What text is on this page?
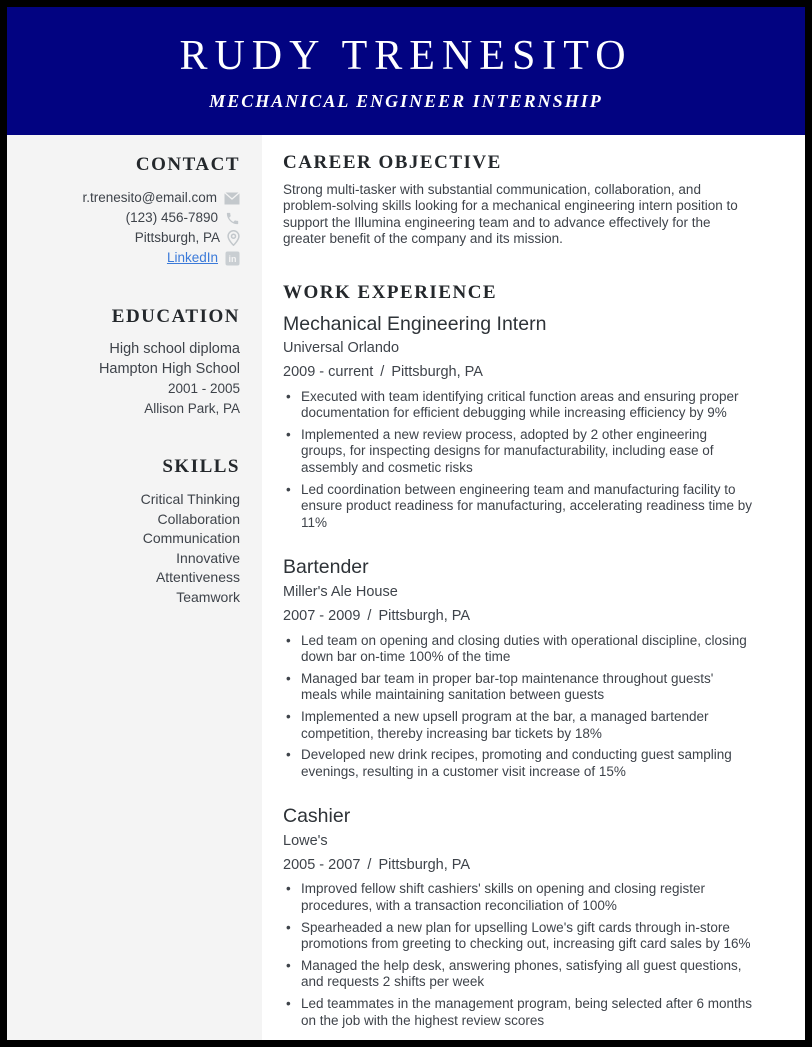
RUDY TRENESITO
MECHANICAL ENGINEER INTERNSHIP
CONTACT
r.trenesito@email.com
(123) 456-7890
Pittsburgh, PA
LinkedIn in
EDUCATION
High school diploma
Hampton High School
2001 - 2005
Allison Park, PA
SKILLS
Critical Thinking
Collaboration
Communication
Innovative
Attentiveness
Teamwork
CAREER OBJECTIVE

Strong multi-tasker with substantial communication, collaboration, and problem-solving skills looking for a mechanical engineering intern position to support the Illumina engineering team and to advance effectively for the greater benefit of the company and its mission.

WORK EXPERIENCE
Mechanical Engineering Intern
Universal Orlando
2009 - current / Pittsburgh, PA
• Executed with team identifying critical function areas and ensuring proper documentation for efficient debugging while increasing efficiency by 9%
• Implemented a new review process, adopted by 2 other engineering groups, for inspecting designs for manufacturability, including ease of assembly and cosmetic risks
• Led coordination between engineering team and manufacturing facility to ensure product readiness for manufacturing, accelerating readiness time by 11%
Bartender
Miller's Ale House
2007 - 2009 / Pittsburgh, PA
• Led team on opening and closing duties with operational discipline, closing down bar on-time 100% of the time
• Managed bar team in proper bar-top maintenance throughout guests' meals while maintaining sanitation between guests
• Implemented a new upsell program at the bar, a managed bartender competition, thereby increasing bar tickets by 18%
• Developed new drink recipes, promoting and conducting guest sampling evenings, resulting in a customer visit increase of 15%
Cashier
Lowe's
2005 - 2007 / Pittsburgh, PA
• Improved fellow shift cashiers' skills on opening and closing register procedures, with a transaction reconciliation of 100%
• Spearheaded a new plan for upselling Lowe's gift cards through in-store promotions from greeting to checking out, increasing gift card sales by 16%
• Managed the help desk, answering phones, satisfying all guest questions, and requests 2 shifts per week
• Led teammates in the management program, being selected after 6 months on the job with the highest review scores
